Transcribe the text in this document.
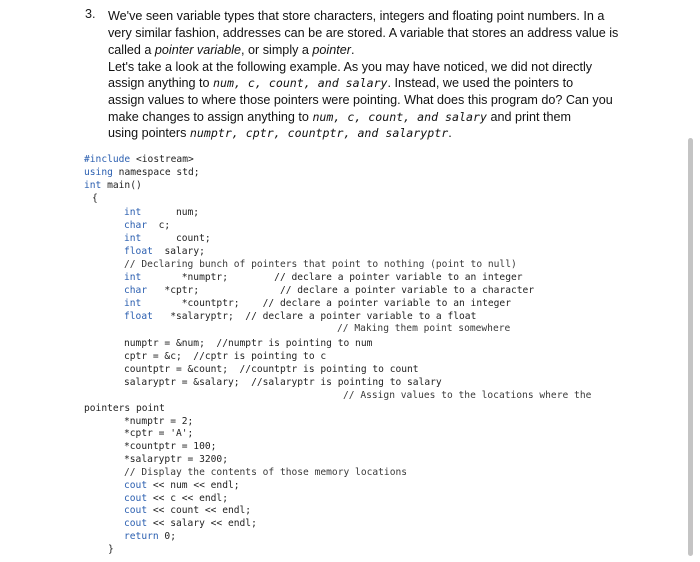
3. We've seen variable types that store characters, integers and floating point numbers. In a
very similar fashion, addresses can be are stored. A variable that stores an address value is
called a pointer variable, or simply a pointer.
Let's take a look at the following example. As you may have noticed, we did not directly
assign anything to num, c, count, and salary. Instead, we used the pointers to
assign values to where those pointers were pointing. What does this program do? Can you
make changes to assign anything to num, c, count, and salary and print them
using pointers numptr, cptr, countptr, and salaryptr.
#include <iostream>
using namespace std;
int main()
{
int      num;
char  c;
int      count;
float  salary;
// Declaring bunch of pointers that point to nothing (point to null)
int       *numptr;        // declare a pointer variable to an integer
char   *cptr;              // declare a pointer variable to a character
int       *countptr;    // declare a pointer variable to an integer
float   *salaryptr;  // declare a pointer variable to a float
// Making them point somewhere
numptr = &num;  //numptr is pointing to num
cptr = &c;  //cptr is pointing to c
countptr = &count;  //countptr is pointing to count
salaryptr = &salary;  //salaryptr is pointing to salary
// Assign values to the locations where the
pointers point
*numptr = 2;
*cptr = 'A';
*countptr = 100;
*salaryptr = 3200;
// Display the contents of those memory locations
cout << num << endl;
cout << c << endl;
cout << count << endl;
cout << salary << endl;
return 0;
}
